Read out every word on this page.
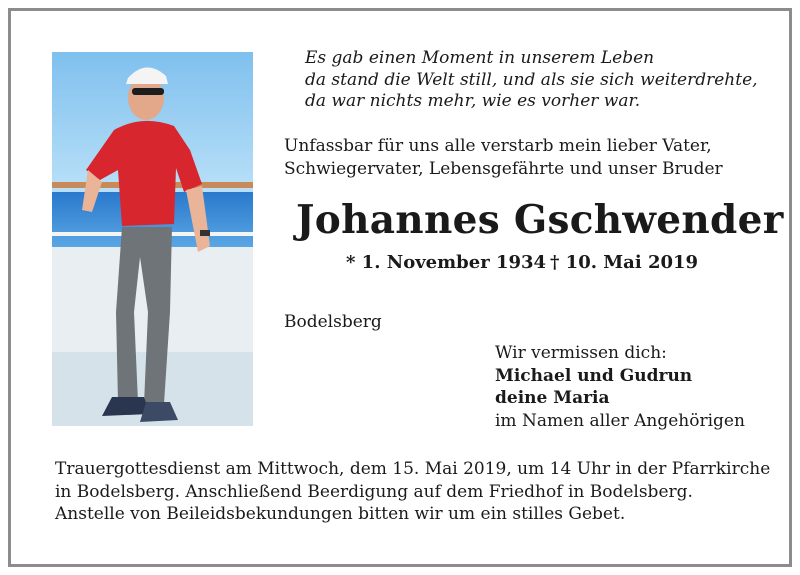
Es gab einen Moment in unserem Leben
da stand die Welt still, und als sie sich weiterdrehte,
da war nichts mehr, wie es vorher war.

Unfassbar für uns alle verstarb mein lieber Vater,
Schwiegervater, Lebensgefährte und unser Bruder

Johannes Gschwender

* 1. November 1934 † 10. Mai 2019

Bodelsberg

Wir vermissen dich:
Michael und Gudrun
deine Maria
im Namen aller Angehörigen

Trauergottesdienst am Mittwoch, dem 15. Mai 2019, um 14 Uhr in der Pfarrkirche
in Bodelsberg. Anschließend Beerdigung auf dem Friedhof in Bodelsberg.
Anstelle von Beileidsbekundungen bitten wir um ein stilles Gebet.
